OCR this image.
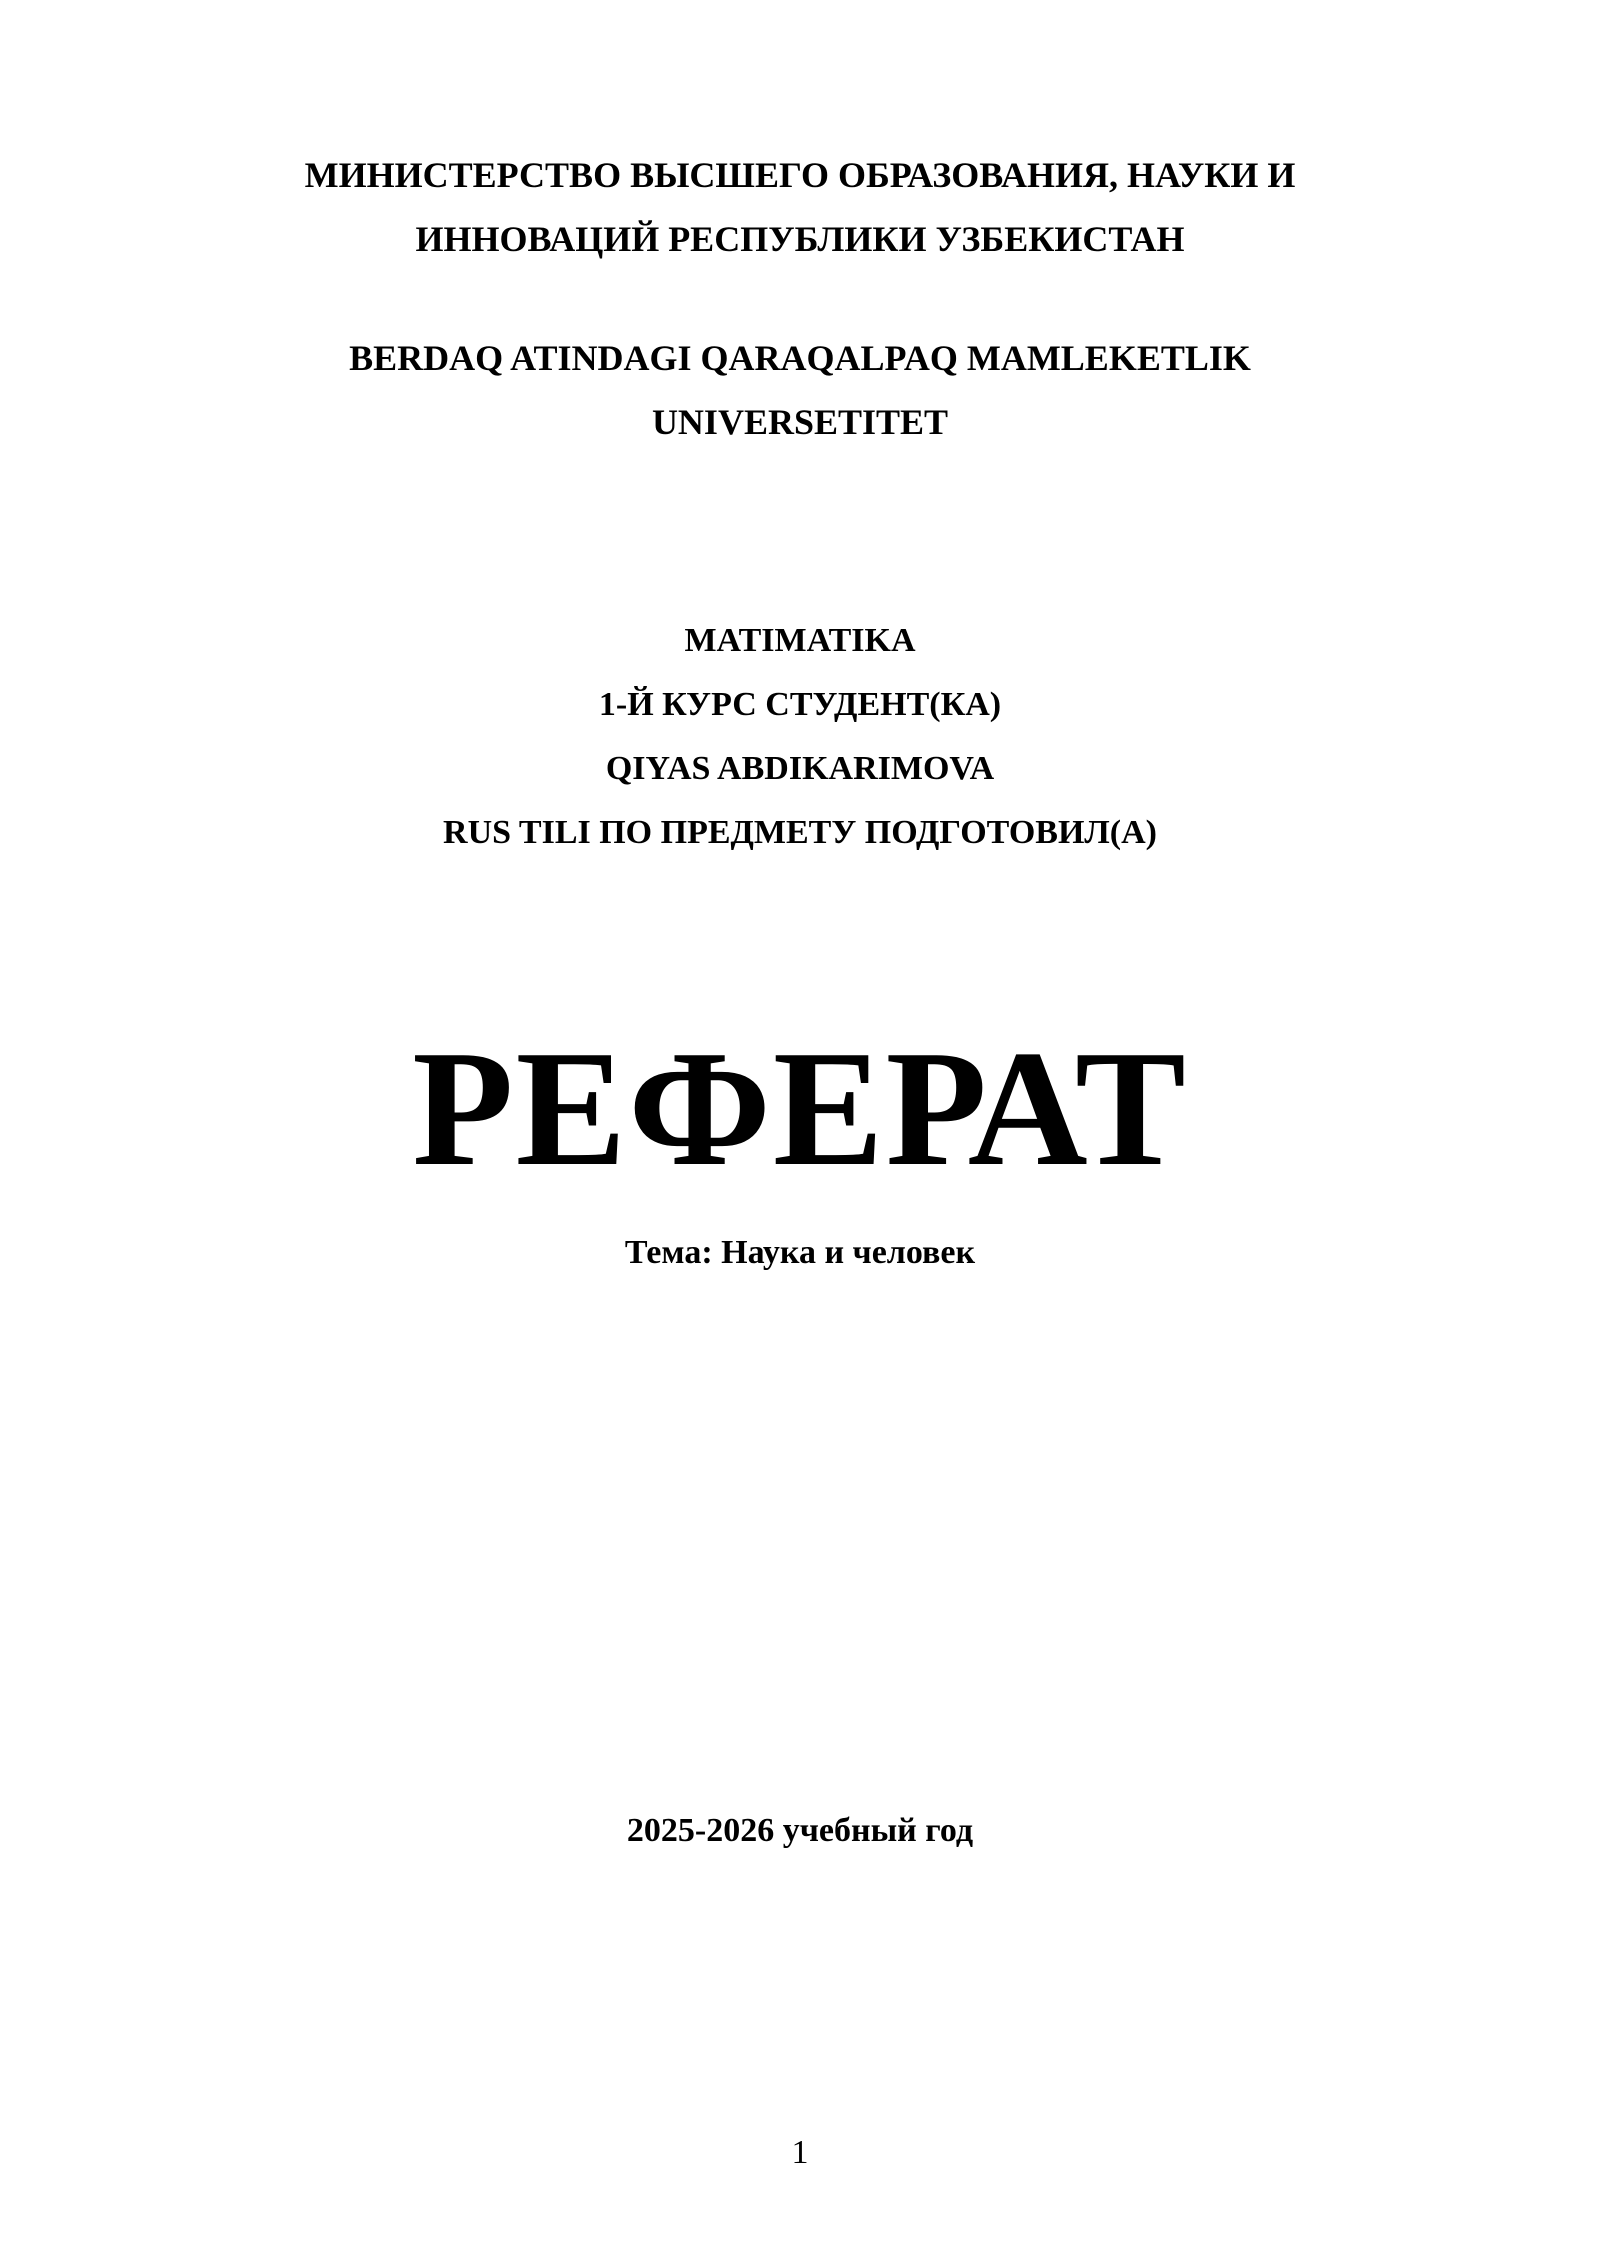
МИНИСТЕРСТВО ВЫСШЕГО ОБРАЗОВАНИЯ, НАУКИ И
ИННОВАЦИЙ РЕСПУБЛИКИ УЗБЕКИСТАН
BERDAQ ATINDAGI QARAQALPAQ MAMLEKETLIK
UNIVERSETITET
MATIMATIKA
1-Й КУРС СТУДЕНТ(КА)
QIYAS ABDIKARIMOVA
RUS TILI ПО ПРЕДМЕТУ ПОДГОТОВИЛ(А)
РЕФЕРАТ
Тема: Наука и человек
2025-2026 учебный год
1
